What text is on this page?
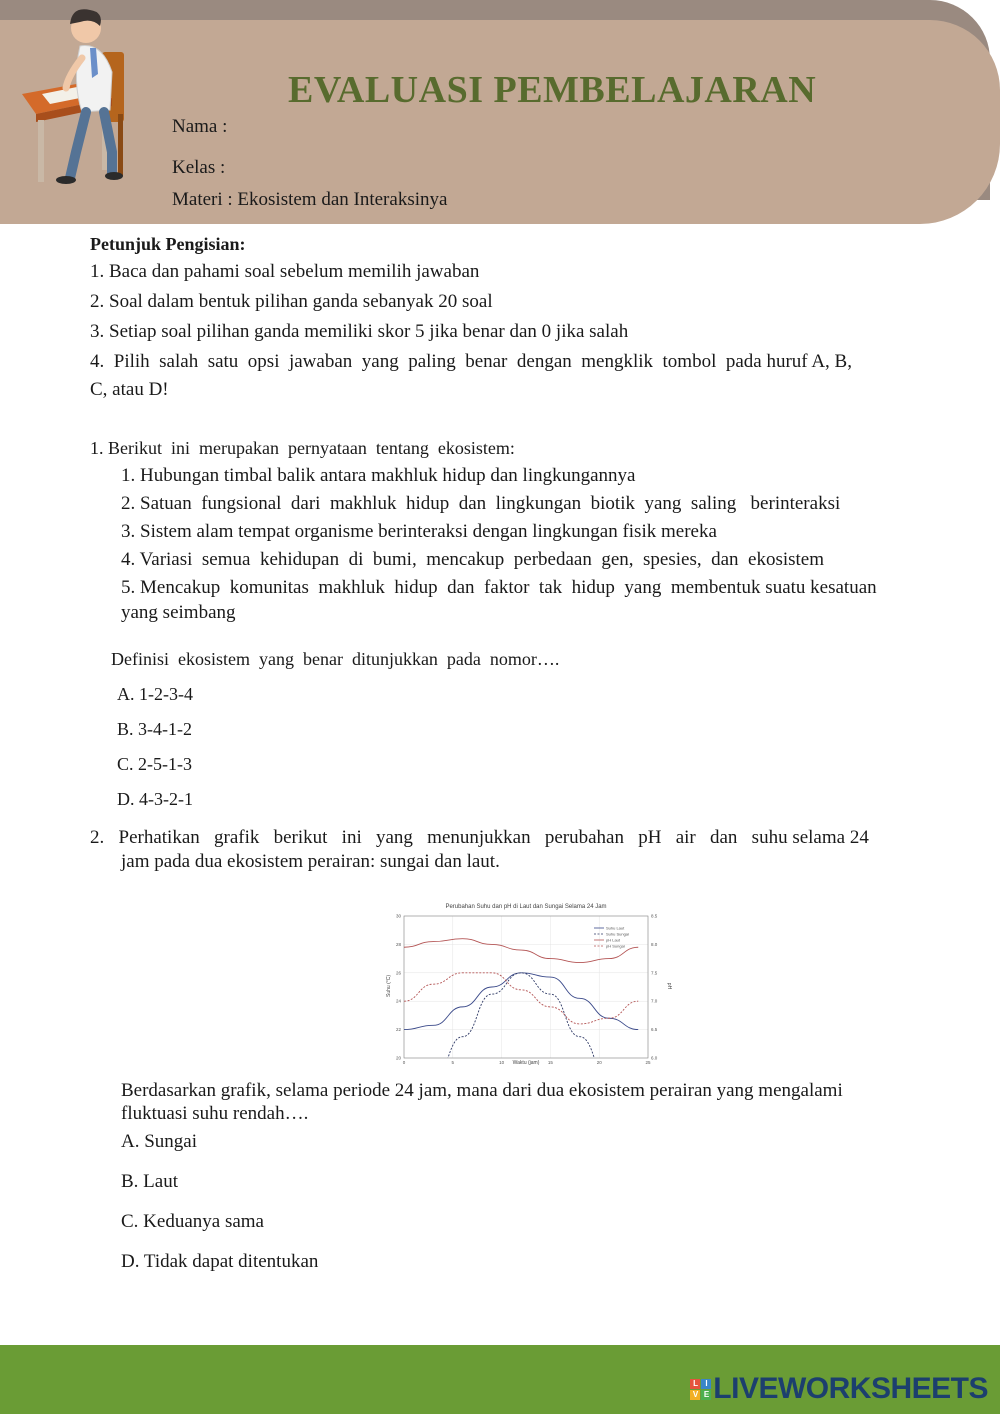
EVALUASI PEMBELAJARAN
Nama :
Kelas :
Materi : Ekosistem dan Interaksinya
Petunjuk Pengisian:
1. Baca dan pahami soal sebelum memilih jawaban
2. Soal dalam bentuk pilihan ganda sebanyak 20 soal
3. Setiap soal pilihan ganda memiliki skor 5 jika benar dan 0 jika salah
4.  Pilih  salah  satu  opsi  jawaban  yang  paling  benar  dengan  mengklik  tombol  pada huruf A, B,
C, atau D!
1. Berikut  ini  merupakan  pernyataan  tentang  ekosistem:
1. Hubungan timbal balik antara makhluk hidup dan lingkungannya
2. Satuan  fungsional  dari  makhluk  hidup  dan  lingkungan  biotik  yang  saling   berinteraksi
3. Sistem alam tempat organisme berinteraksi dengan lingkungan fisik mereka
4. Variasi  semua  kehidupan  di  bumi,  mencakup  perbedaan  gen,  spesies,  dan  ekosistem
5. Mencakup  komunitas  makhluk  hidup  dan  faktor  tak  hidup  yang  membentuk suatu kesatuan
yang seimbang
Definisi  ekosistem  yang  benar  ditunjukkan  pada  nomor….
A. 1-2-3-4
B. 3-4-1-2
C. 2-5-1-3
D. 4-3-2-1
2.   Perhatikan   grafik   berikut   ini   yang   menunjukkan   perubahan   pH   air   dan   suhu selama 24
jam pada dua ekosistem perairan: sungai dan laut.
Perubahan Suhu dan pH di Laut dan Sungai Selama 24 Jam
0	5	10	15	20	25
20
22
24
26
28
30
6.0
6.5
7.0
7.5
8.0
8.5
Suhu Laut
Suhu Sungai
pH Laut
pH Sungai
Waktu (jam)
Suhu (°C)	pH
Berdasarkan grafik, selama periode 24 jam, mana dari dua ekosistem perairan yang mengalami
fluktuasi suhu rendah….
A. Sungai
B. Laut
C. Keduanya sama
D. Tidak dapat ditentukan
L I
V E LIVEWORKSHEETS
